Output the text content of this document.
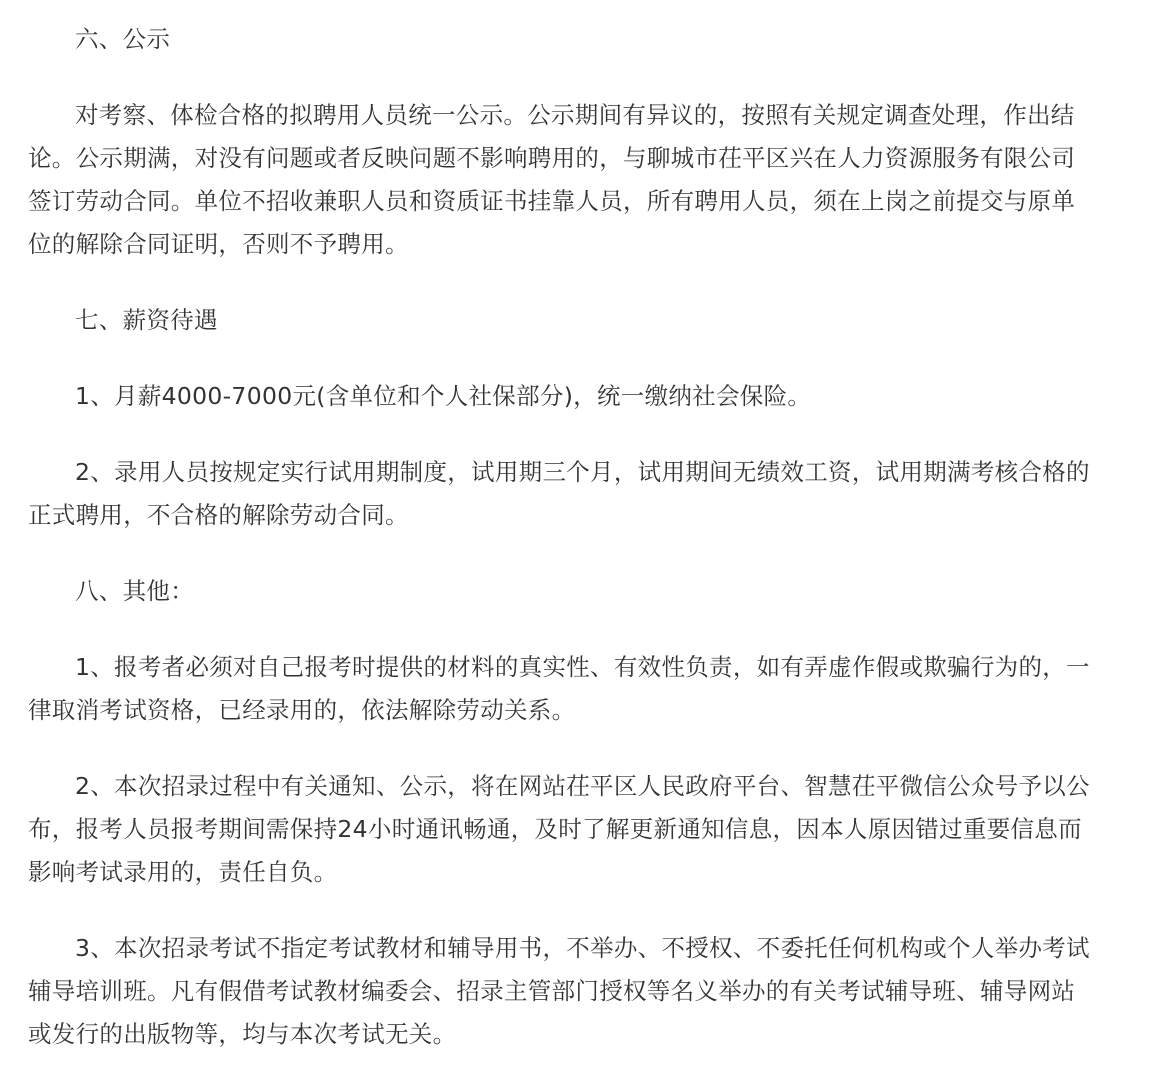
六、公示
对考察、体检合格的拟聘用人员统一公示。公示期间有异议的，按照有关规定调查处理，作出结论。公示期满，对没有问题或者反映问题不影响聘用的，与聊城市茌平区兴在人力资源服务有限公司签订劳动合同。单位不招收兼职人员和资质证书挂靠人员，所有聘用人员，须在上岗之前提交与原单位的解除合同证明，否则不予聘用。
七、薪资待遇
1、月薪4000-7000元(含单位和个人社保部分)，统一缴纳社会保险。
2、录用人员按规定实行试用期制度，试用期三个月，试用期间无绩效工资，试用期满考核合格的正式聘用，不合格的解除劳动合同。
八、其他：
1、报考者必须对自己报考时提供的材料的真实性、有效性负责，如有弄虚作假或欺骗行为的，一律取消考试资格，已经录用的，依法解除劳动关系。
2、本次招录过程中有关通知、公示，将在网站茌平区人民政府平台、智慧茌平微信公众号予以公布，报考人员报考期间需保持24小时通讯畅通，及时了解更新通知信息，因本人原因错过重要信息而影响考试录用的，责任自负。
3、本次招录考试不指定考试教材和辅导用书，不举办、不授权、不委托任何机构或个人举办考试辅导培训班。凡有假借考试教材编委会、招录主管部门授权等名义举办的有关考试辅导班、辅导网站或发行的出版物等，均与本次考试无关。
